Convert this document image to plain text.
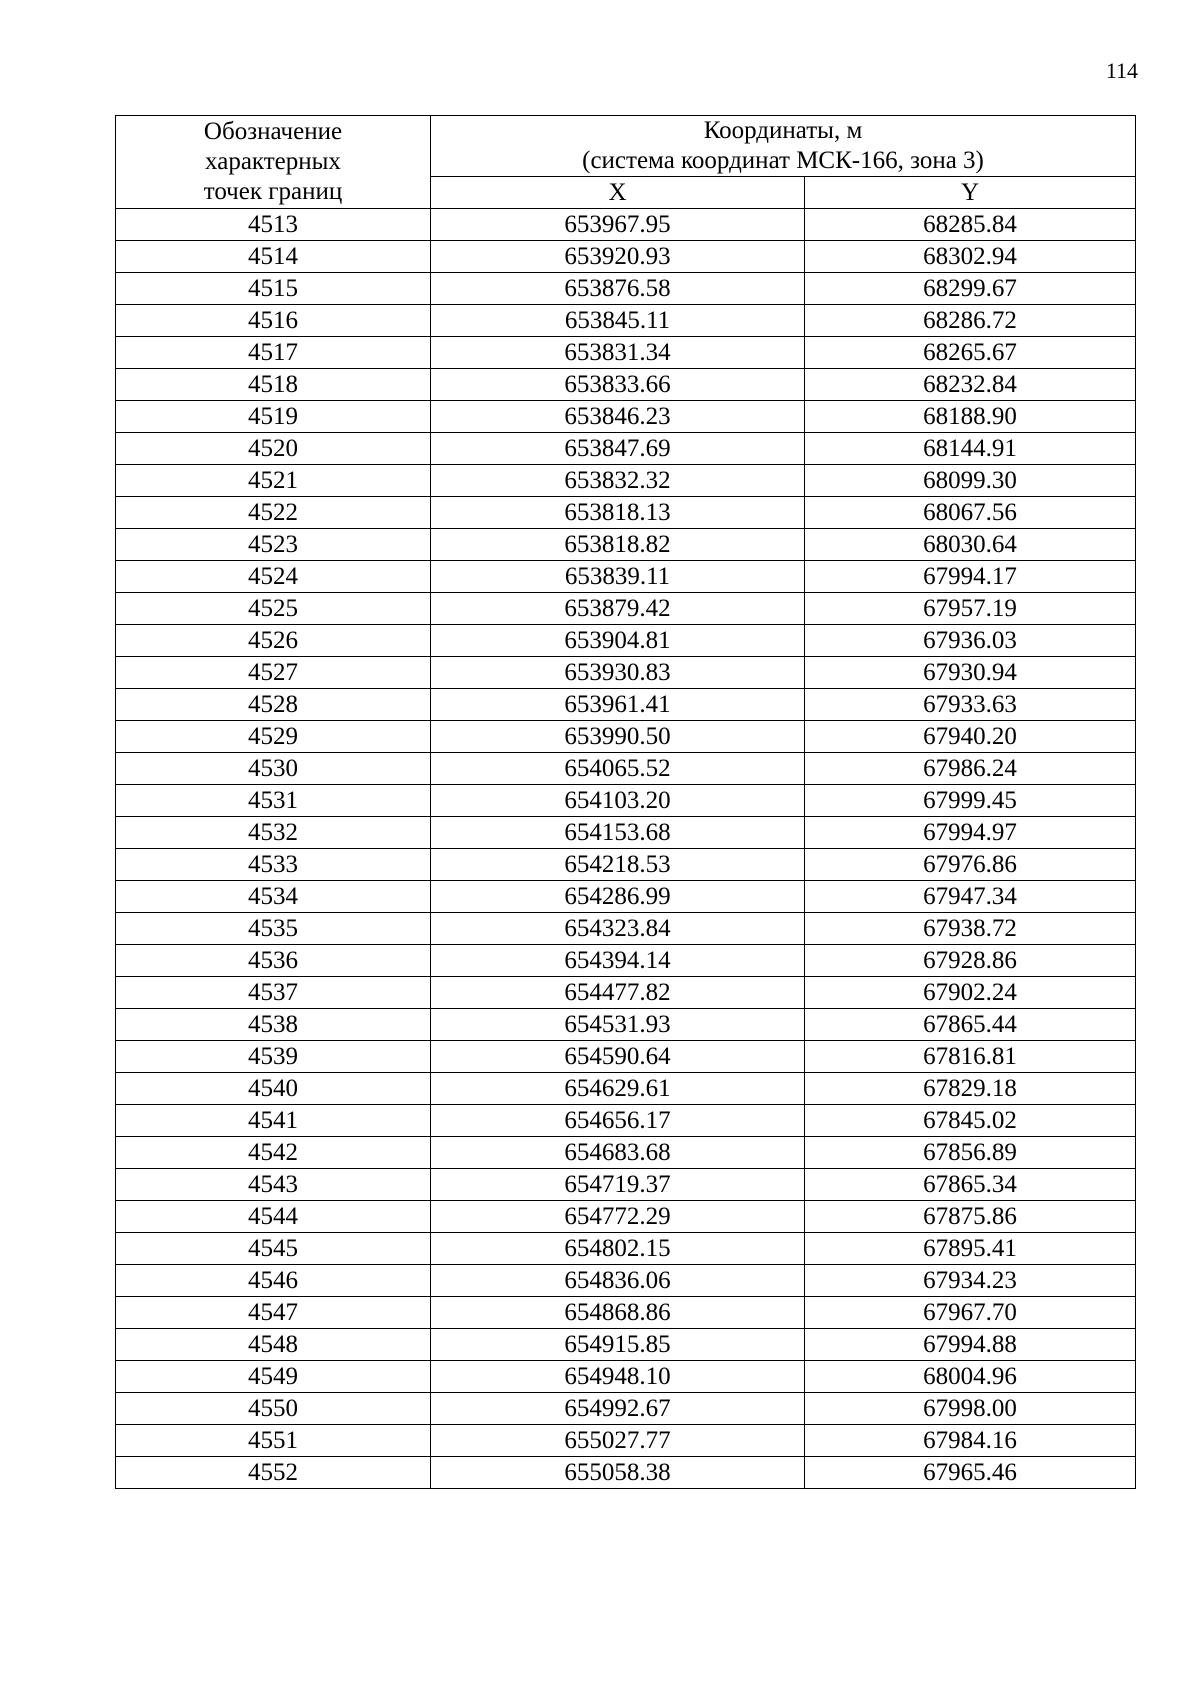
114
Обозначение
характерных
точек границ	Координаты, м
(система координат МСК-166, зона 3)	

	X	Y
4513	653967.95	68285.84
4514	653920.93	68302.94
4515	653876.58	68299.67
4516	653845.11	68286.72
4517	653831.34	68265.67
4518	653833.66	68232.84
4519	653846.23	68188.90
4520	653847.69	68144.91
4521	653832.32	68099.30
4522	653818.13	68067.56
4523	653818.82	68030.64
4524	653839.11	67994.17
4525	653879.42	67957.19
4526	653904.81	67936.03
4527	653930.83	67930.94
4528	653961.41	67933.63
4529	653990.50	67940.20
4530	654065.52	67986.24
4531	654103.20	67999.45
4532	654153.68	67994.97
4533	654218.53	67976.86
4534	654286.99	67947.34
4535	654323.84	67938.72
4536	654394.14	67928.86
4537	654477.82	67902.24
4538	654531.93	67865.44
4539	654590.64	67816.81
4540	654629.61	67829.18
4541	654656.17	67845.02
4542	654683.68	67856.89
4543	654719.37	67865.34
4544	654772.29	67875.86
4545	654802.15	67895.41
4546	654836.06	67934.23
4547	654868.86	67967.70
4548	654915.85	67994.88
4549	654948.10	68004.96
4550	654992.67	67998.00
4551	655027.77	67984.16
4552	655058.38	67965.46
